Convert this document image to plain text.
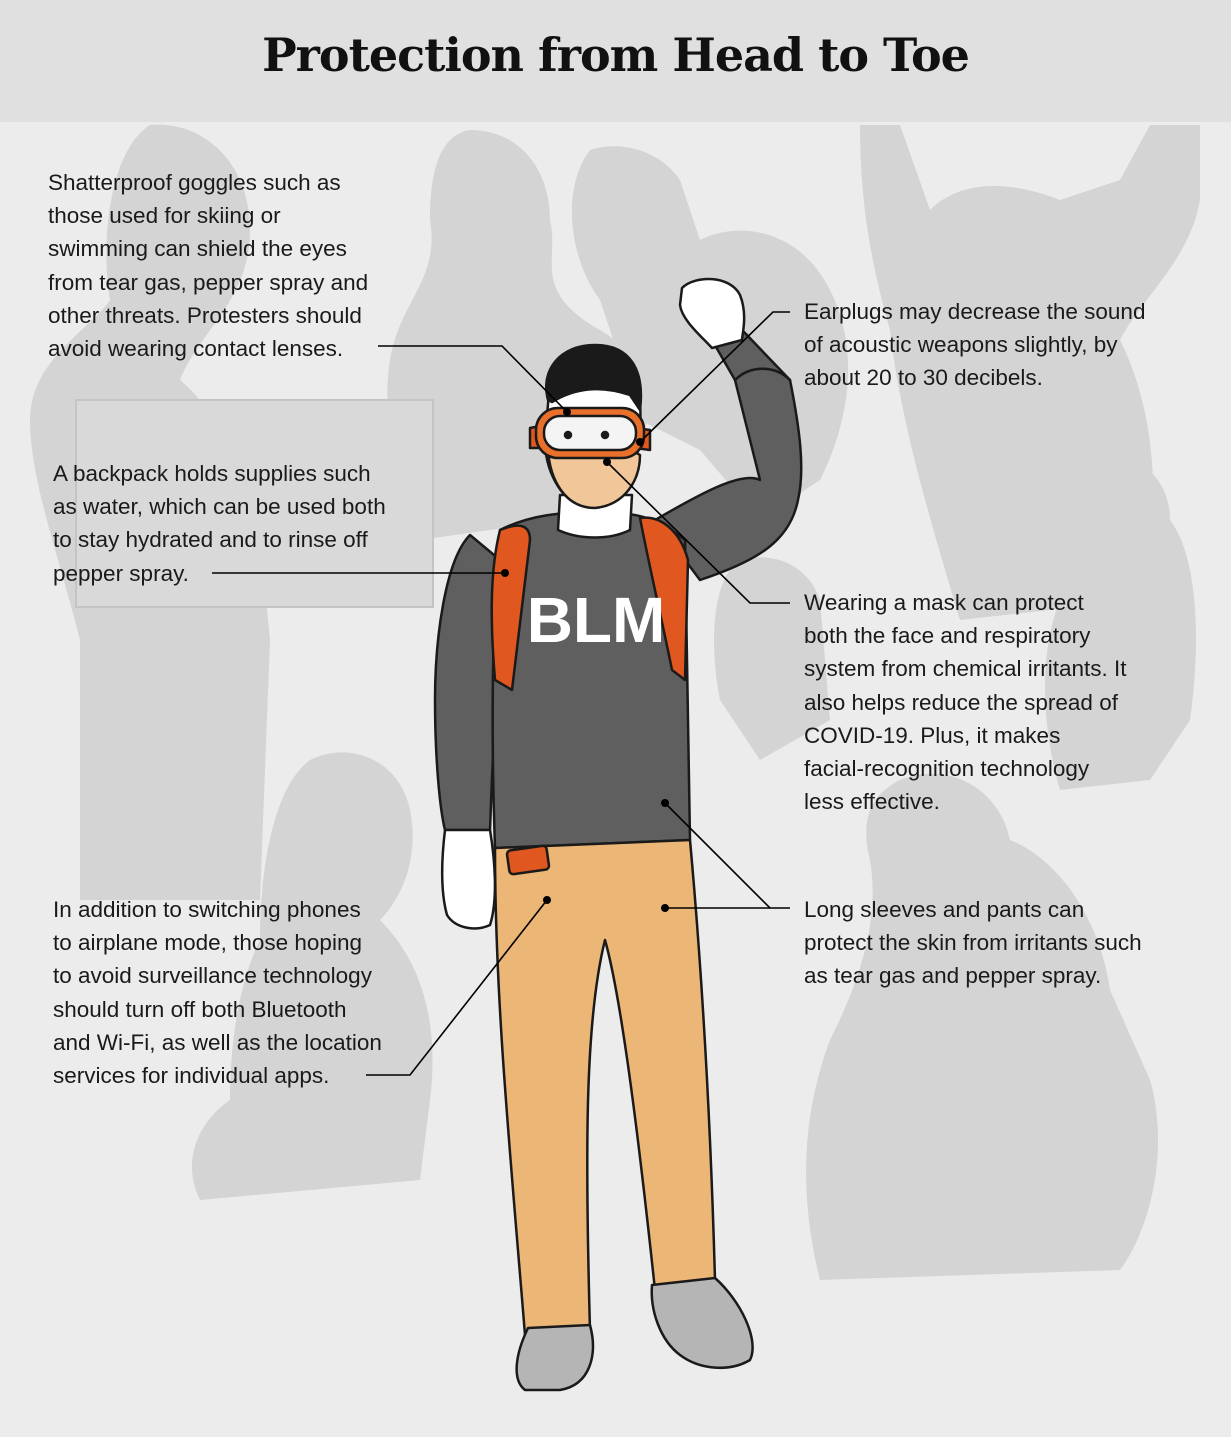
Protection from Head to Toe
BLM

Shatterproof goggles such as
those used for skiing or
swimming can shield the eyes
from tear gas, pepper spray and
other threats. Protesters should
avoid wearing contact lenses.

A backpack holds supplies such
as water, which can be used both
to stay hydrated and to rinse off
pepper spray.

In addition to switching phones
to airplane mode, those hoping
to avoid surveillance technology
should turn off both Bluetooth
and Wi-Fi, as well as the location
services for individual apps.

Earplugs may decrease the sound
of acoustic weapons slightly, by
about 20 to 30 decibels.

Wearing a mask can protect
both the face and respiratory
system from chemical irritants. It
also helps reduce the spread of
COVID-19. Plus, it makes
facial-recognition technology
less effective.

Long sleeves and pants can
protect the skin from irritants such
as tear gas and pepper spray.
